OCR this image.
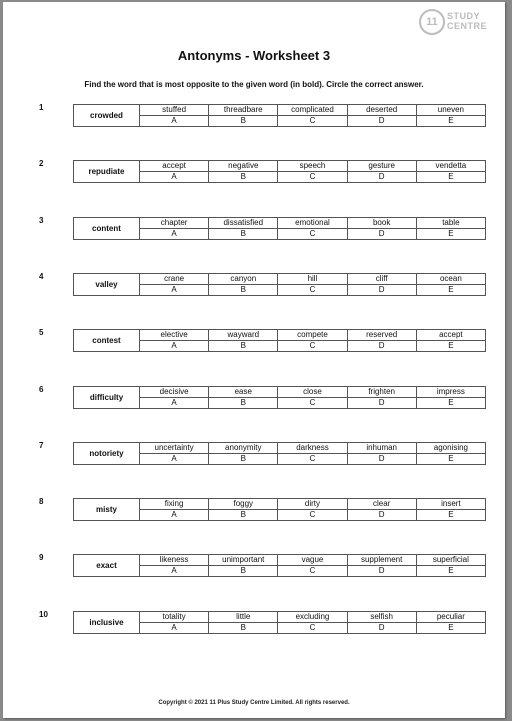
11	STUDY
CENTRE
Antonyms - Worksheet 3
Find the word that is most opposite to the given word (in bold). Circle the correct answer.
1
crowded	stuffed	threadbare	complicated	deserted	uneven
	A	B	C	D	E
2
repudiate	accept	negative	speech	gesture	vendetta
	A	B	C	D	E
3
content	chapter	dissatisfied	emotional	book	table
	A	B	C	D	E
4
valley	crane	canyon	hill	cliff	ocean
	A	B	C	D	E
5
contest	elective	wayward	compete	reserved	accept
	A	B	C	D	E
6
difficulty	decisive	ease	close	frighten	impress
	A	B	C	D	E
7
notoriety	uncertainty	anonymity	darkness	inhuman	agonising
	A	B	C	D	E
8
misty	fixing	foggy	dirty	clear	insert
	A	B	C	D	E
9
exact	likeness	unimportant	vague	supplement	superficial
	A	B	C	D	E
10
inclusive	totality	little	excluding	selfish	peculiar
	A	B	C	D	E
Copyright © 2021 11 Plus Study Centre Limited. All rights reserved.
